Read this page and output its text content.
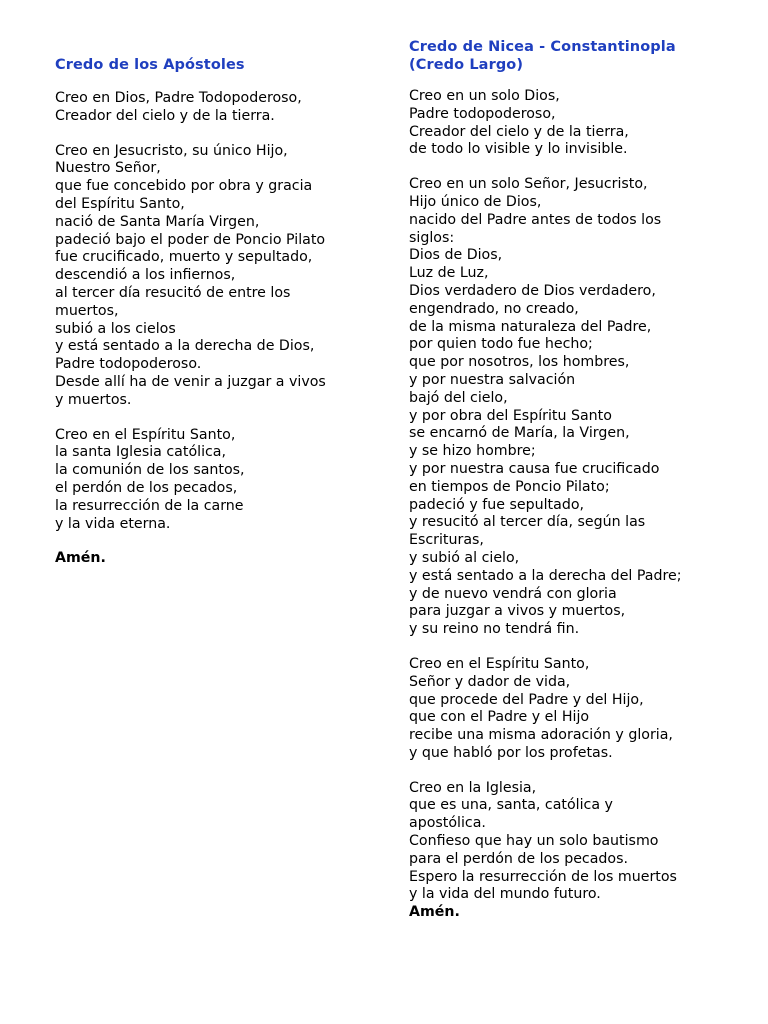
Credo de los Apóstoles
Creo en Dios, Padre Todopoderoso,
Creador del cielo y de la tierra.
Creo en Jesucristo, su único Hijo,
Nuestro Señor,
que fue concebido por obra y gracia
del Espíritu Santo,
nació de Santa María Virgen,
padeció bajo el poder de Poncio Pilato
fue crucificado, muerto y sepultado,
descendió a los infiernos,
al tercer día resucitó de entre los
muertos,
subió a los cielos
y está sentado a la derecha de Dios,
Padre todopoderoso.
Desde allí ha de venir a juzgar a vivos
y muertos.
Creo en el Espíritu Santo,
la santa Iglesia católica,
la comunión de los santos,
el perdón de los pecados,
la resurrección de la carne
y la vida eterna.
Amén.
Credo de Nicea - Constantinopla
(Credo Largo)
Creo en un solo Dios,
Padre todopoderoso,
Creador del cielo y de la tierra,
de todo lo visible y lo invisible.
Creo en un solo Señor, Jesucristo,
Hijo único de Dios,
nacido del Padre antes de todos los
siglos:
Dios de Dios,
Luz de Luz,
Dios verdadero de Dios verdadero,
engendrado, no creado,
de la misma naturaleza del Padre,
por quien todo fue hecho;
que por nosotros, los hombres,
y por nuestra salvación
bajó del cielo,
y por obra del Espíritu Santo
se encarnó de María, la Virgen,
y se hizo hombre;
y por nuestra causa fue crucificado
en tiempos de Poncio Pilato;
padeció y fue sepultado,
y resucitó al tercer día, según las
Escrituras,
y subió al cielo,
y está sentado a la derecha del Padre;
y de nuevo vendrá con gloria
para juzgar a vivos y muertos,
y su reino no tendrá fin.
Creo en el Espíritu Santo,
Señor y dador de vida,
que procede del Padre y del Hijo,
que con el Padre y el Hijo
recibe una misma adoración y gloria,
y que habló por los profetas.
Creo en la Iglesia,
que es una, santa, católica y
apostólica.
Confieso que hay un solo bautismo
para el perdón de los pecados.
Espero la resurrección de los muertos
y la vida del mundo futuro.
Amén.
